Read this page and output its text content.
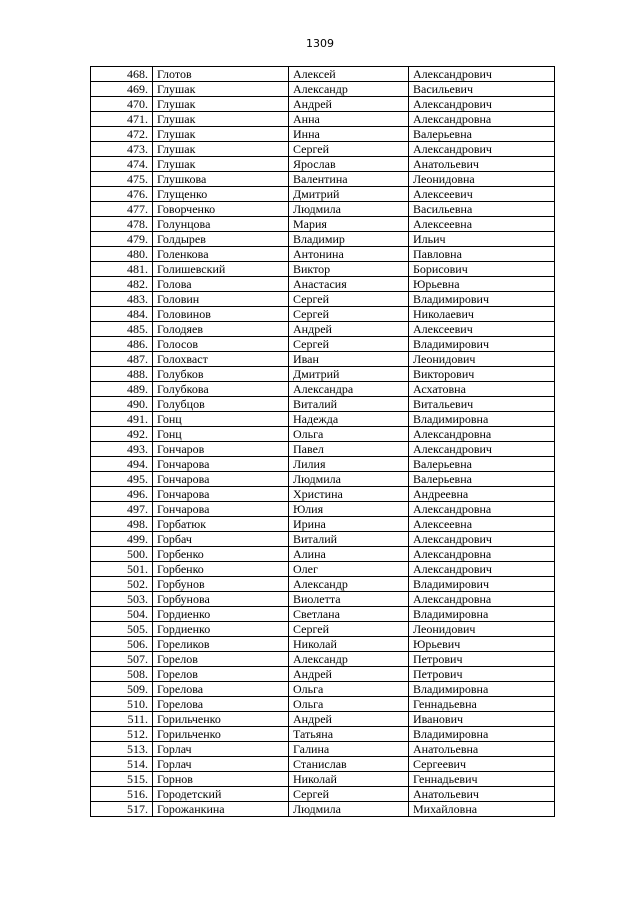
1309
468.	Глотов	Алексей	Александрович
469.	Глушак	Александр	Васильевич
470.	Глушак	Андрей	Александрович
471.	Глушак	Анна	Александровна
472.	Глушак	Инна	Валерьевна
473.	Глушак	Сергей	Александрович
474.	Глушак	Ярослав	Анатольевич
475.	Глушкова	Валентина	Леонидовна
476.	Глущенко	Дмитрий	Алексеевич
477.	Говорченко	Людмила	Васильевна
478.	Голунцова	Мария	Алексеевна
479.	Голдырев	Владимир	Ильич
480.	Голенкова	Антонина	Павловна
481.	Голишевский	Виктор	Борисович
482.	Голова	Анастасия	Юрьевна
483.	Головин	Сергей	Владимирович
484.	Головинов	Сергей	Николаевич
485.	Голодяев	Андрей	Алексеевич
486.	Голосов	Сергей	Владимирович
487.	Голохваст	Иван	Леонидович
488.	Голубков	Дмитрий	Викторович
489.	Голубкова	Александра	Асхатовна
490.	Голубцов	Виталий	Витальевич
491.	Гонц	Надежда	Владимировна
492.	Гонц	Ольга	Александровна
493.	Гончаров	Павел	Александрович
494.	Гончарова	Лилия	Валерьевна
495.	Гончарова	Людмила	Валерьевна
496.	Гончарова	Христина	Андреевна
497.	Гончарова	Юлия	Александровна
498.	Горбатюк	Ирина	Алексеевна
499.	Горбач	Виталий	Александрович
500.	Горбенко	Алина	Александровна
501.	Горбенко	Олег	Александрович
502.	Горбунов	Александр	Владимирович
503.	Горбунова	Виолетта	Александровна
504.	Гордиенко	Светлана	Владимировна
505.	Гордиенко	Сергей	Леонидович
506.	Гореликов	Николай	Юрьевич
507.	Горелов	Александр	Петрович
508.	Горелов	Андрей	Петрович
509.	Горелова	Ольга	Владимировна
510.	Горелова	Ольга	Геннадьевна
511.	Горильченко	Андрей	Иванович
512.	Горильченко	Татьяна	Владимировна
513.	Горлач	Галина	Анатольевна
514.	Горлач	Станислав	Сергеевич
515.	Горнов	Николай	Геннадьевич
516.	Городетский	Сергей	Анатольевич
517.	Горожанкина	Людмила	Михайловна
